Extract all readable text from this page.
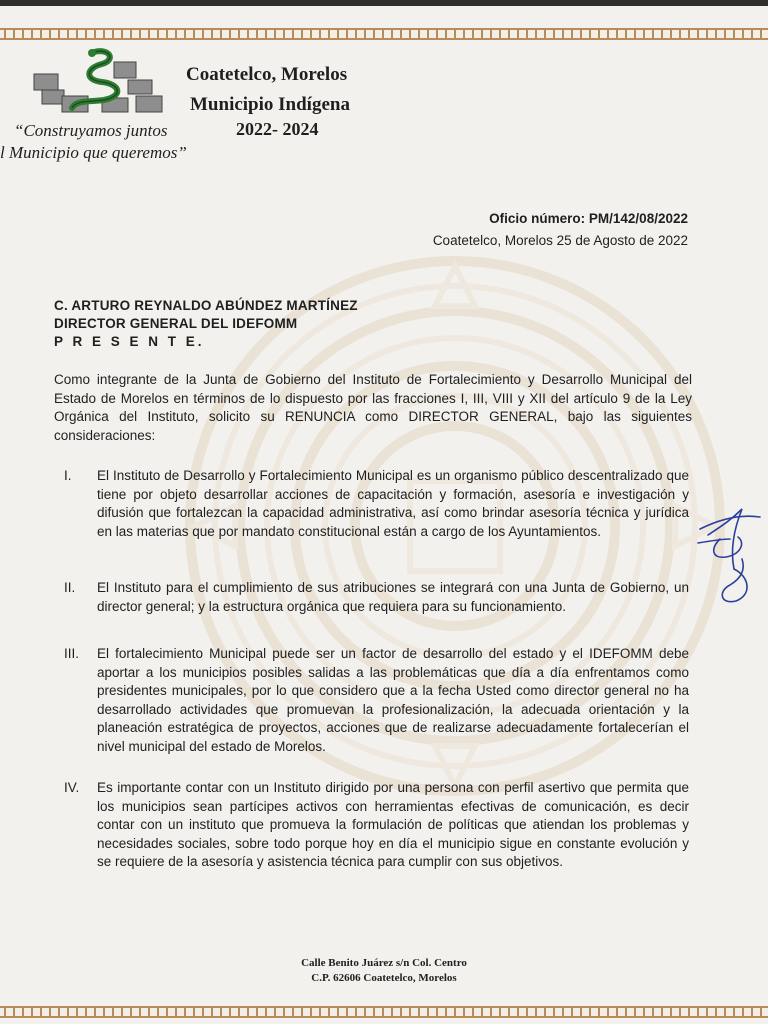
Coatetelco, Morelos
Municipio Indígena
2022- 2024
“Construyamos juntos
l Municipio que queremos”
Oficio número: PM/142/08/2022
Coatetelco, Morelos 25 de Agosto de 2022
C. ARTURO REYNALDO ABÚNDEZ MARTÍNEZ
DIRECTOR GENERAL DEL IDEFOMM
P R E S E N T E.
Como integrante de la Junta de Gobierno del Instituto de Fortalecimiento y Desarrollo Municipal del Estado de Morelos en términos de lo dispuesto por las fracciones I, III, VIII y XII del artículo 9 de la Ley Orgánica del Instituto, solicito su RENUNCIA como DIRECTOR GENERAL, bajo las siguientes consideraciones:
I. El Instituto de Desarrollo y Fortalecimiento Municipal es un organismo público descentralizado que tiene por objeto desarrollar acciones de capacitación y formación, asesoría e investigación y difusión que fortalezcan la capacidad administrativa, así como brindar asesoría técnica y jurídica en las materias que por mandato constitucional están a cargo de los Ayuntamientos.
II. El Instituto para el cumplimiento de sus atribuciones se integrará con una Junta de Gobierno, un director general; y la estructura orgánica que requiera para su funcionamiento.
III. El fortalecimiento Municipal puede ser un factor de desarrollo del estado y el IDEFOMM debe aportar a los municipios posibles salidas a las problemáticas que día a día enfrentamos como presidentes municipales, por lo que considero que a la fecha Usted como director general no ha desarrollado actividades que promuevan la profesionalización, la adecuada orientación y la planeación estratégica de proyectos, acciones que de realizarse adecuadamente fortalecerían el nivel municipal del estado de Morelos.
IV. Es importante contar con un Instituto dirigido por una persona con perfil asertivo que permita que los municipios sean partícipes activos con herramientas efectivas de comunicación, es decir contar con un instituto que promueva la formulación de políticas que atiendan los problemas y necesidades sociales, sobre todo porque hoy en día el municipio sigue en constante evolución y se requiere de la asesoría y asistencia técnica para cumplir con sus objetivos.
Calle Benito Juárez s/n Col. Centro
C.P. 62606 Coatetelco, Morelos
